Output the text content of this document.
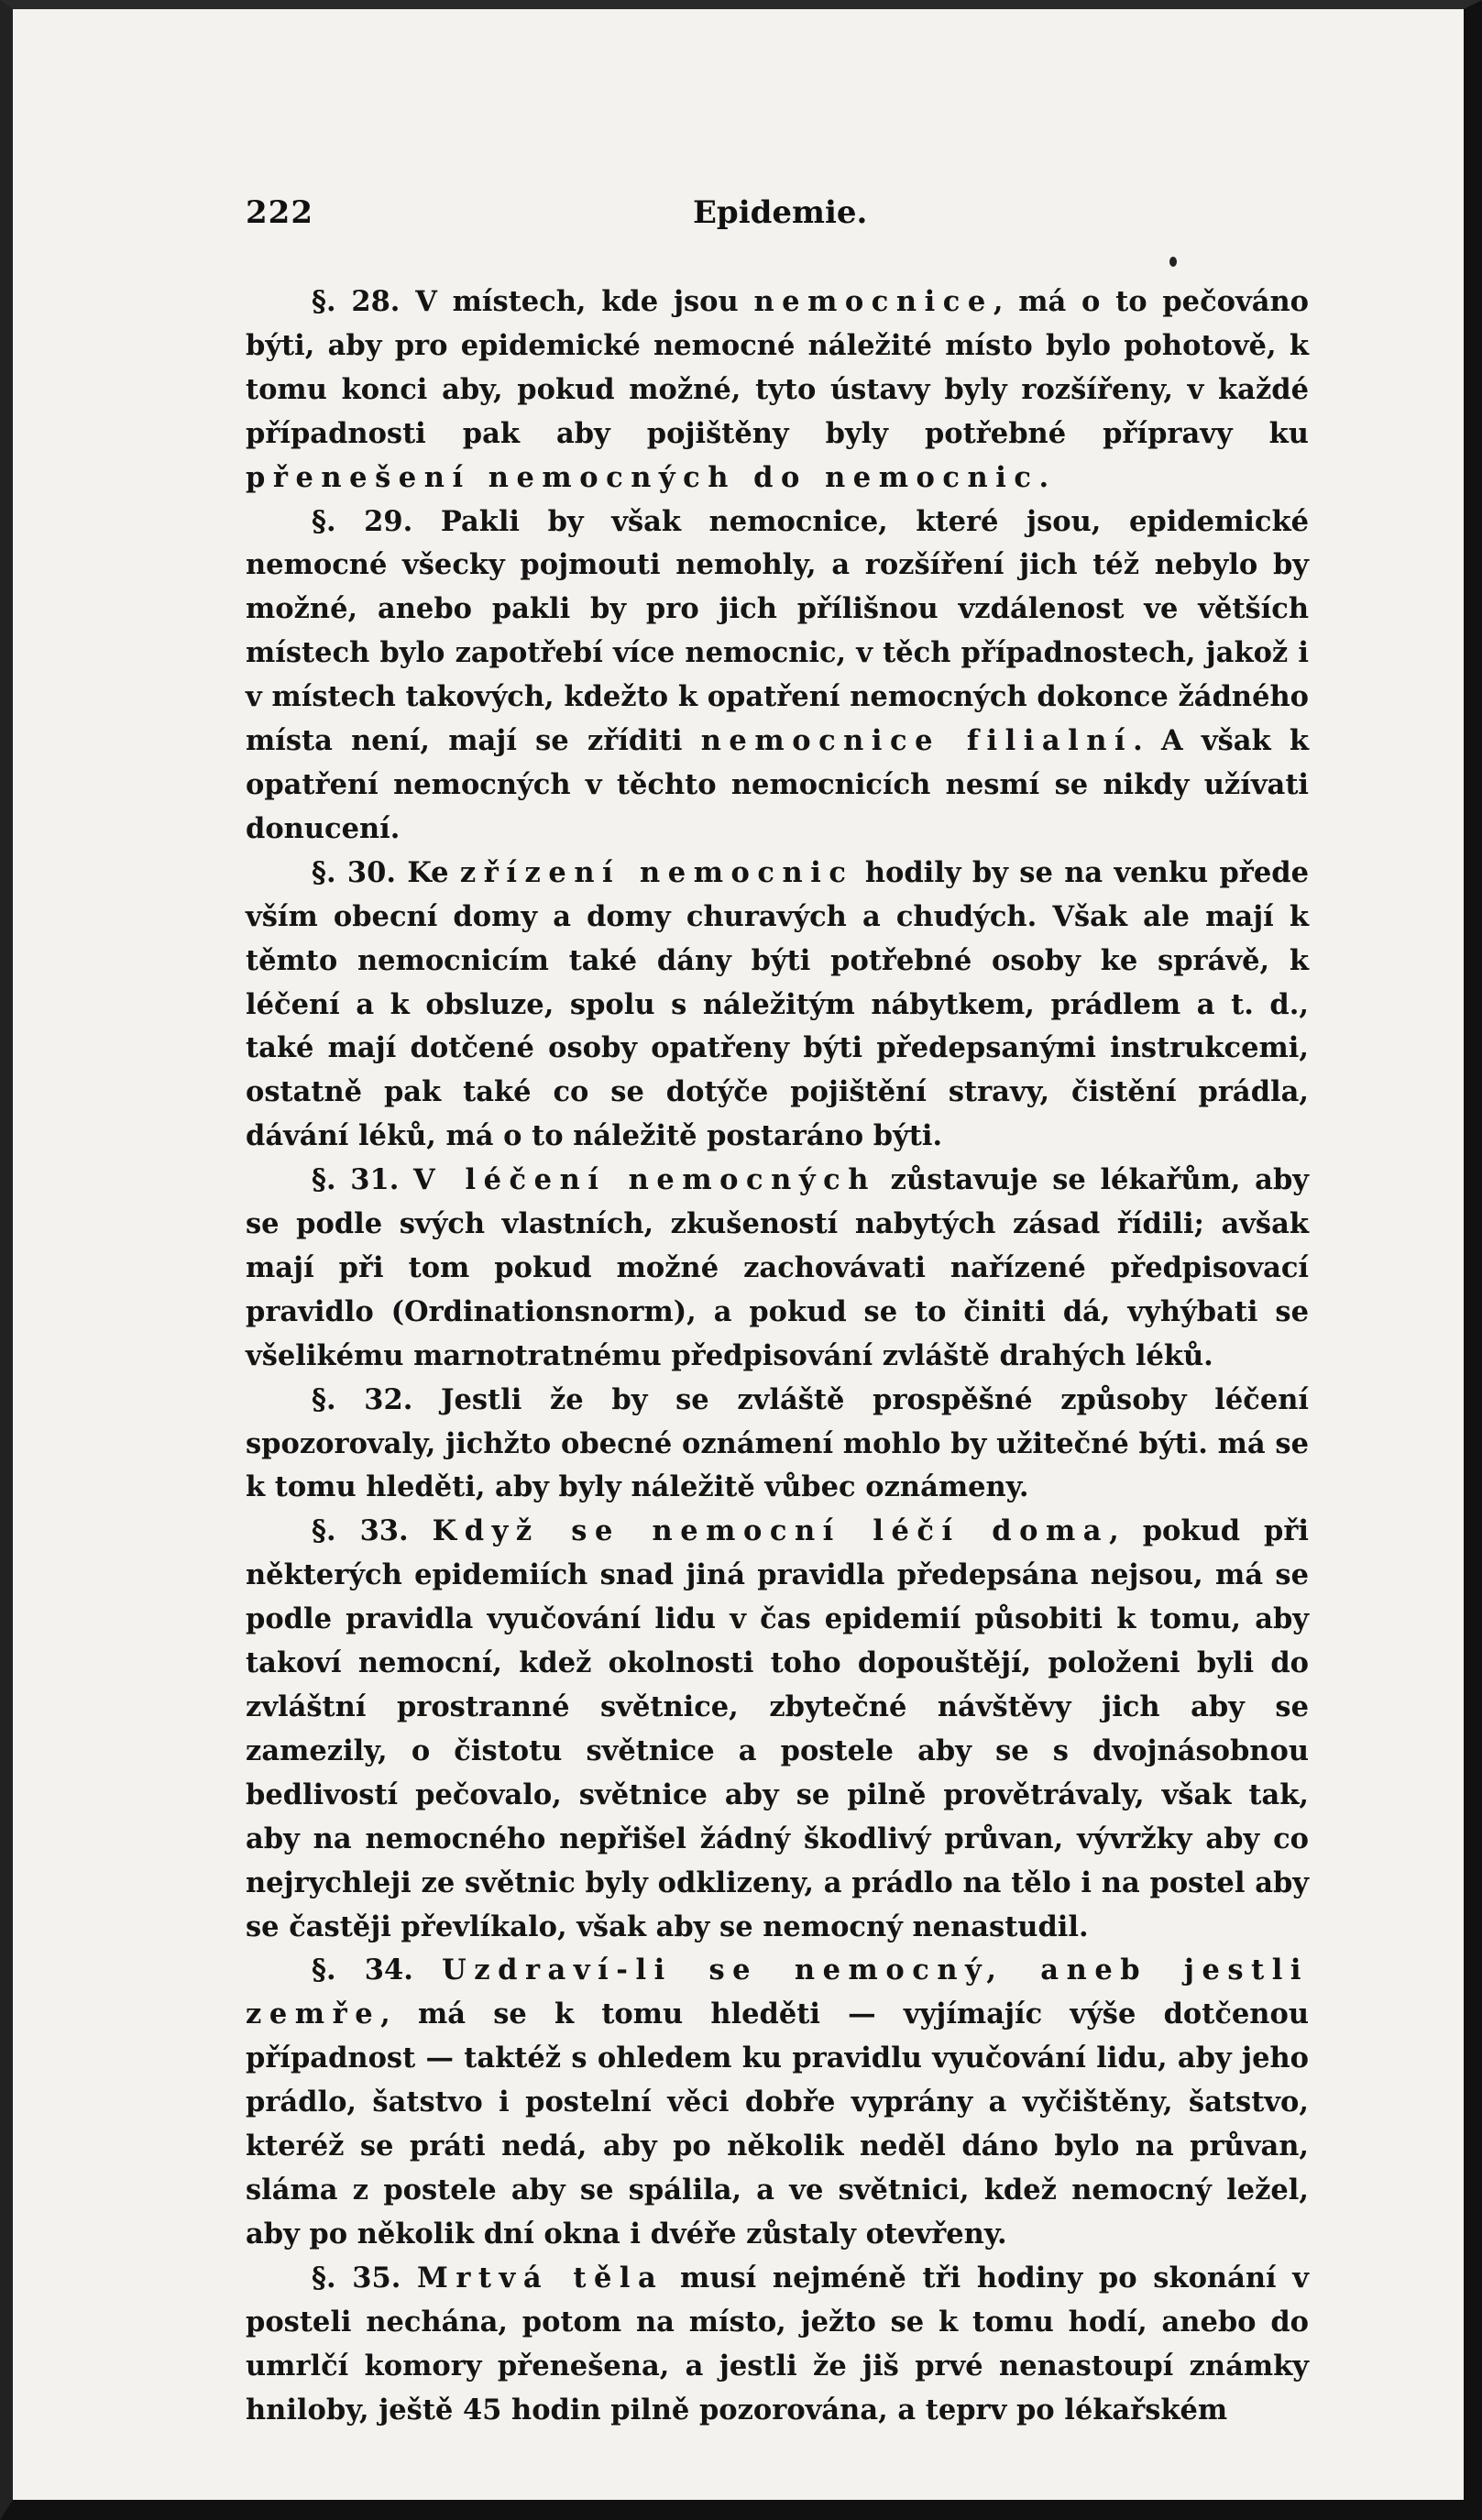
222	Epidemie.

§. 28. V místech, kde jsou nemocnice, má o to pečováno býti, aby pro epidemické nemocné náležité místo bylo pohotově, k tomu konci aby, pokud možné, tyto ústavy byly rozšířeny, v každé případnosti pak aby pojištěny byly potřebné přípravy ku přenešení nemocných do nemocnic.

§. 29. Pakli by však nemocnice, které jsou, epidemické nemocné všecky pojmouti nemohly, a rozšíření jich též nebylo by možné, anebo pakli by pro jich přílišnou vzdálenost ve větších místech bylo zapotřebí více nemocnic, v těch případnostech, jakož i v místech takových, kdežto k opatření nemocných dokonce žádného místa není, mají se zříditi nemocnice filialní. A však k opatření nemocných v těchto nemocnicích nesmí se nikdy užívati donucení.

§. 30. Ke zřízení nemocnic hodily by se na venku přede vším obecní domy a domy churavých a chudých. Však ale mají k těmto nemocnicím také dány býti potřebné osoby ke správě, k léčení a k obsluze, spolu s náležitým nábytkem, prádlem a t. d., také mají dotčené osoby opatřeny býti předepsanými instrukcemi, ostatně pak také co se dotýče pojištění stravy, čistění prádla, dávání léků, má o to náležitě postaráno býti.

§. 31. V léčení nemocných zůstavuje se lékařům, aby se podle svých vlastních, zkušeností nabytých zásad řídili; avšak mají při tom pokud možné zachovávati nařízené předpisovací pravidlo (Ordinationsnorm), a pokud se to činiti dá, vyhýbati se všelikému marnotratnému předpisování zvláště drahých léků.

§. 32. Jestli že by se zvláště prospěšné způsoby léčení spozorovaly, jichžto obecné oznámení mohlo by užitečné býti. má se k tomu hleděti, aby byly náležitě vůbec oznámeny.

§. 33. Když se nemocní léčí doma, pokud při některých epidemiích snad jiná pravidla předepsána nejsou, má se podle pravidla vyučování lidu v čas epidemií působiti k tomu, aby takoví nemocní, kdež okolnosti toho dopouštějí, položeni byli do zvláštní prostranné světnice, zbytečné návštěvy jich aby se zamezily, o čistotu světnice a postele aby se s dvojnásobnou bedlivostí pečovalo, světnice aby se pilně provětrávaly, však tak, aby na nemocného nepřišel žádný škodlivý průvan, vývržky aby co nejrychleji ze světnic byly odklizeny, a prádlo na tělo i na postel aby se častěji převlíkalo, však aby se nemocný nenastudil.

§. 34. Uzdraví-li se nemocný, aneb jestli zemře, má se k tomu hleděti — vyjímajíc výše dotčenou případnost — taktéž s ohledem ku pravidlu vyučování lidu, aby jeho prádlo, šatstvo i postelní věci dobře vyprány a vyčištěny, šatstvo, kteréž se práti nedá, aby po několik neděl dáno bylo na průvan, sláma z postele aby se spálila, a ve světnici, kdež nemocný ležel, aby po několik dní okna i dvéře zůstaly otevřeny.

§. 35. Mrtvá těla musí nejméně tři hodiny po skonání v posteli nechána, potom na místo, ježto se k tomu hodí, anebo do umrlčí komory přenešena, a jestli že jiš prvé nenastoupí známky hniloby, ještě 45 hodin pilně pozorována, a teprv po lékařském
